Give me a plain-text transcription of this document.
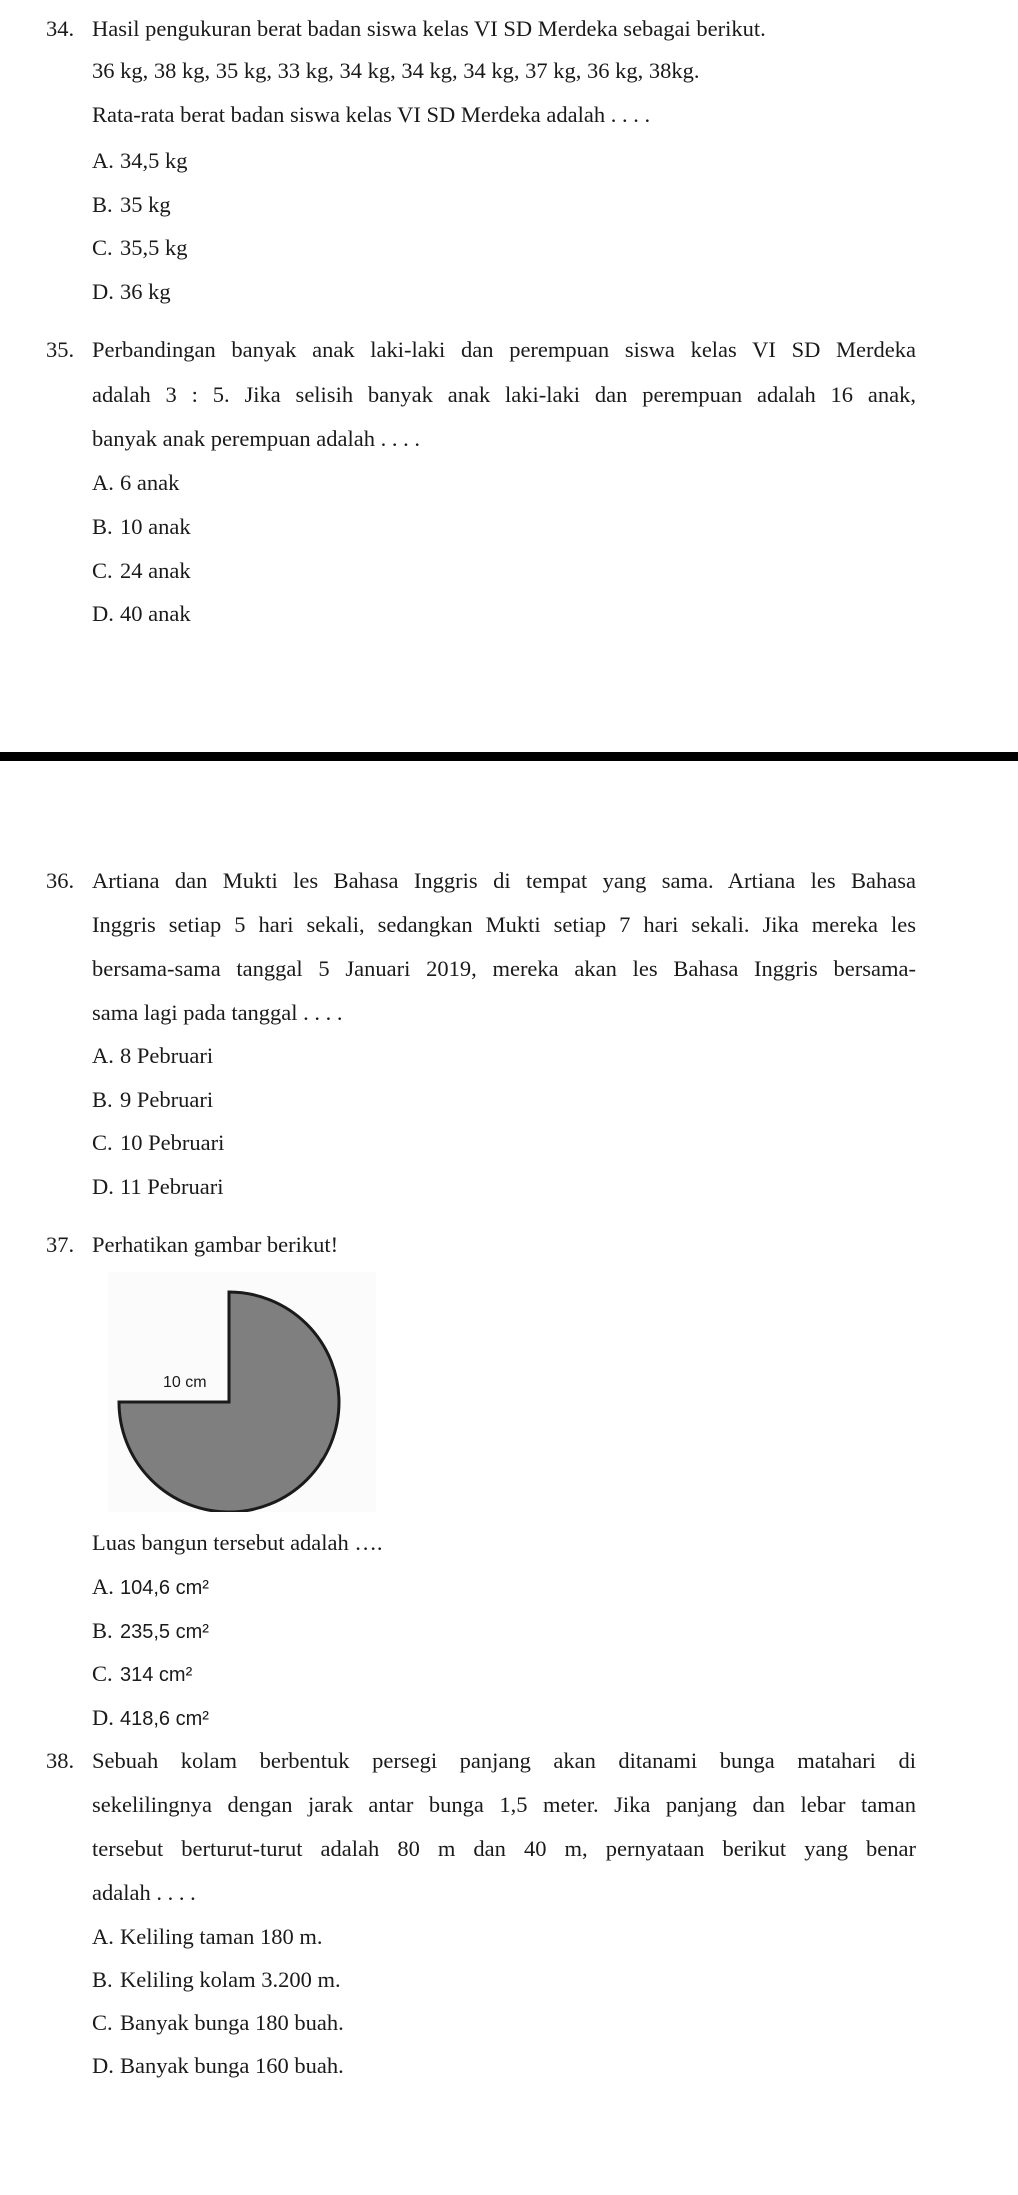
34. Hasil pengukuran berat badan siswa kelas VI SD Merdeka sebagai berikut.
36 kg, 38 kg, 35 kg, 33 kg, 34 kg, 34 kg, 34 kg, 37 kg, 36 kg, 38kg.
Rata-rata berat badan siswa kelas VI SD Merdeka adalah . . . .
A. 34,5 kg
B. 35 kg
C. 35,5 kg
D. 36 kg
35. Perbandingan banyak anak laki-laki dan perempuan siswa kelas VI SD Merdeka
adalah 3 : 5. Jika selisih banyak anak laki-laki dan perempuan adalah 16 anak,
banyak anak perempuan adalah . . . .
A. 6 anak
B. 10 anak
C. 24 anak
D. 40 anak
36. Artiana dan Mukti les Bahasa Inggris di tempat yang sama. Artiana les Bahasa
Inggris setiap 5 hari sekali, sedangkan Mukti setiap 7 hari sekali. Jika mereka les
bersama-sama tanggal 5 Januari 2019, mereka akan les Bahasa Inggris bersama-
sama lagi pada tanggal . . . .
A. 8 Pebruari
B. 9 Pebruari
C. 10 Pebruari
D. 11 Pebruari
37. Perhatikan gambar berikut!
10 cm
Luas bangun tersebut adalah ….
A. 104,6 cm²
B. 235,5 cm²
C. 314 cm²
D. 418,6 cm²
38. Sebuah kolam berbentuk persegi panjang akan ditanami bunga matahari di
sekelilingnya dengan jarak antar bunga 1,5 meter. Jika panjang dan lebar taman
tersebut berturut-turut adalah 80 m dan 40 m, pernyataan berikut yang benar
adalah . . . .
A. Keliling taman 180 m.
B. Keliling kolam 3.200 m.
C. Banyak bunga 180 buah.
D. Banyak bunga 160 buah.
